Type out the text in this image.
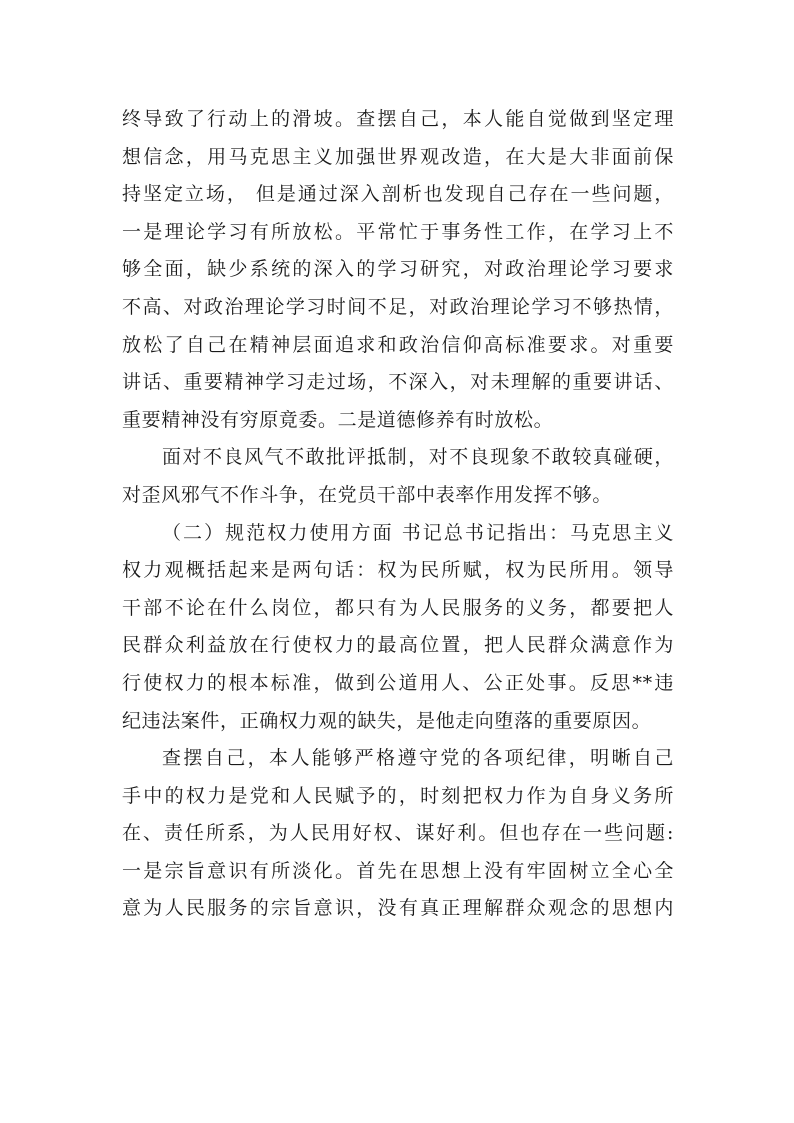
终导致了行动上的滑坡。查摆自己，本人能自觉做到坚定理
想信念，用马克思主义加强世界观改造，在大是大非面前保
持坚定立场， 但是通过深入剖析也发现自己存在一些问题，
一是理论学习有所放松。平常忙于事务性工作，在学习上不
够全面，缺少系统的深入的学习研究，对政治理论学习要求
不高、对政治理论学习时间不足，对政治理论学习不够热情，
放松了自己在精神层面追求和政治信仰高标准要求。对重要
讲话、重要精神学习走过场，不深入，对未理解的重要讲话、
重要精神没有穷原竟委。二是道德修养有时放松。
面对不良风气不敢批评抵制，对不良现象不敢较真碰硬，
对歪风邪气不作斗争，在党员干部中表率作用发挥不够。
（二）规范权力使用方面 书记总书记指出：马克思主义
权力观概括起来是两句话：权为民所赋，权为民所用。领导
干部不论在什么岗位，都只有为人民服务的义务，都要把人
民群众利益放在行使权力的最高位置，把人民群众满意作为
行使权力的根本标准，做到公道用人、公正处事。反思**违
纪违法案件，正确权力观的缺失，是他走向堕落的重要原因。
查摆自己，本人能够严格遵守党的各项纪律，明晰自己
手中的权力是党和人民赋予的，时刻把权力作为自身义务所
在、责任所系，为人民用好权、谋好利。但也存在一些问题:
一是宗旨意识有所淡化。首先在思想上没有牢固树立全心全
意为人民服务的宗旨意识，没有真正理解群众观念的思想内
